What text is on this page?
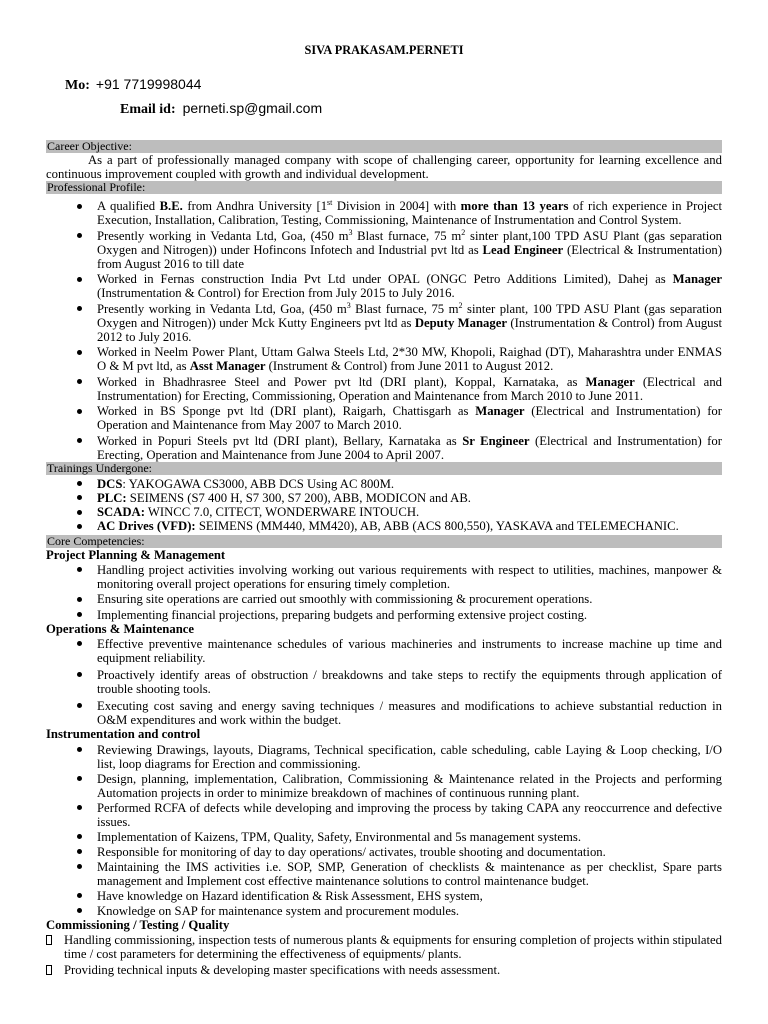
SIVA PRAKASAM.PERNETI
Mo: +91 7719998044
Email id: perneti.sp@gmail.com
Career Objective:

As a part of professionally managed company with scope of challenging career, opportunity for learning excellence and continuous improvement coupled with growth and individual development.

Professional Profile:
A qualified B.E. from Andhra University [1st Division in 2004] with more than 13 years of rich experience in Project Execution, Installation, Calibration, Testing, Commissioning, Maintenance of Instrumentation and Control System.
Presently working in Vedanta Ltd, Goa, (450 $m^3$ Blast furnace, 75 $m^2$ sinter plant,100 TPD ASU Plant (gas separation Oxygen and Nitrogen)) under Hofincons Infotech and Industrial pvt ltd as Lead Engineer (Electrical & Instrumentation) from August 2016 to till date
Worked in Fernas construction India Pvt Ltd under OPAL (ONGC Petro Additions Limited), Dahej as Manager (Instrumentation & Control) for Erection from July 2015 to July 2016.
Presently working in Vedanta Ltd, Goa, (450 $m^3$ Blast furnace, 75 $m^2$ sinter plant, 100 TPD ASU Plant (gas separation Oxygen and Nitrogen)) under Mck Kutty Engineers pvt ltd as Deputy Manager (Instrumentation & Control) from August 2012 to July 2016.
Worked in Neelm Power Plant, Uttam Galwa Steels Ltd, 2*30 MW, Khopoli, Raighad (DT), Maharashtra under ENMAS O & M pvt ltd, as Asst Manager (Instrument & Control) from June 2011 to August 2012.
Worked in Bhadhrasree Steel and Power pvt ltd (DRI plant), Koppal, Karnataka, as Manager (Electrical and Instrumentation) for Erecting, Commissioning, Operation and Maintenance from March 2010 to June 2011.
Worked in BS Sponge pvt ltd (DRI plant), Raigarh, Chattisgarh as Manager (Electrical and Instrumentation) for Operation and Maintenance from May 2007 to March 2010.
Worked in Popuri Steels pvt ltd (DRI plant), Bellary, Karnataka as Sr Engineer (Electrical and Instrumentation) for Erecting, Operation and Maintenance from June 2004 to April 2007.
Trainings Undergone:
DCS: YAKOGAWA CS3000, ABB DCS Using AC 800M.
PLC: SEIMENS (S7 400 H, S7 300, S7 200), ABB, MODICON and AB.
SCADA: WINCC 7.0, CITECT, WONDERWARE INTOUCH.
AC Drives (VFD): SEIMENS (MM440, MM420), AB, ABB (ACS 800,550), YASKAVA and TELEMECHANIC.
Core Competencies:
Project Planning & Management
Handling project activities involving working out various requirements with respect to utilities, machines, manpower & monitoring overall project operations for ensuring timely completion.
Ensuring site operations are carried out smoothly with commissioning & procurement operations.
Implementing financial projections, preparing budgets and performing extensive project costing.
Operations & Maintenance
Effective preventive maintenance schedules of various machineries and instruments to increase machine up time and equipment reliability.
Proactively identify areas of obstruction / breakdowns and take steps to rectify the equipments through application of trouble shooting tools.
Executing cost saving and energy saving techniques / measures and modifications to achieve substantial reduction in O&M expenditures and work within the budget.
Instrumentation and control
Reviewing Drawings, layouts, Diagrams, Technical specification, cable scheduling, cable Laying & Loop checking, I/O list, loop diagrams for Erection and commissioning.
Design, planning, implementation, Calibration, Commissioning & Maintenance related in the Projects and performing Automation projects in order to minimize breakdown of machines of continuous running plant.
Performed RCFA of defects while developing and improving the process by taking CAPA any reoccurrence and defective issues.
Implementation of Kaizens, TPM, Quality, Safety, Environmental and 5s management systems.
Responsible for monitoring of day to day operations/ activates, trouble shooting and documentation.
Maintaining the IMS activities i.e. SOP, SMP, Generation of checklists & maintenance as per checklist, Spare parts management and Implement cost effective maintenance solutions to control maintenance budget.
Have knowledge on Hazard identification & Risk Assessment, EHS system,
Knowledge on SAP for maintenance system and procurement modules.
Commissioning / Testing / Quality
Handling commissioning, inspection tests of numerous plants & equipments for ensuring completion of projects within stipulated time / cost parameters for determining the effectiveness of equipments/ plants.
Providing technical inputs & developing master specifications with needs assessment.
